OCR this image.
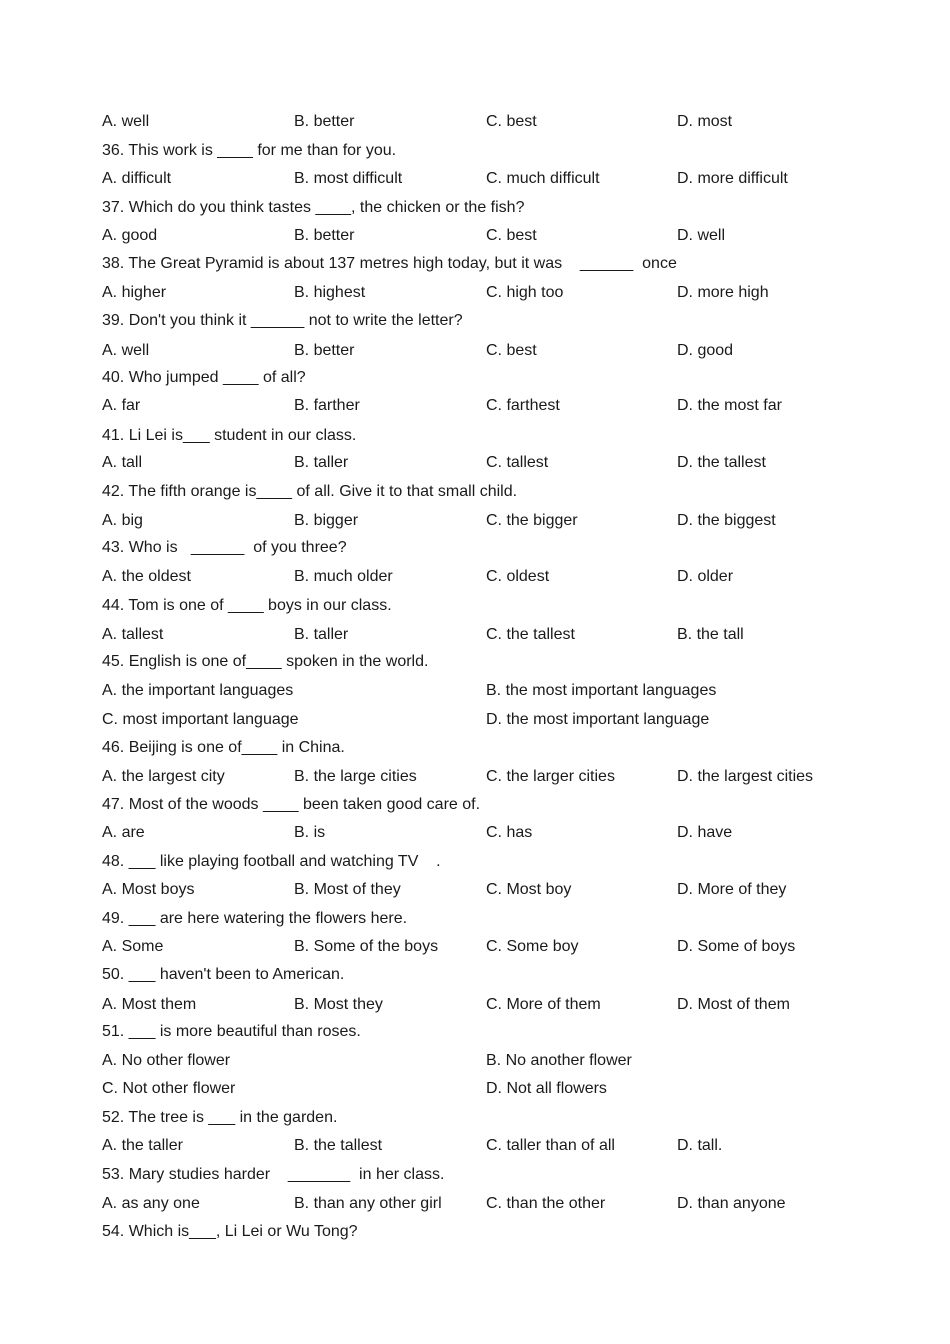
A. well	B. better	C. best	D. most
36. This work is ____ for me than for you.
A. difficult	B. most difficult	C. much difficult	D. more difficult
37. Which do you think tastes ____, the chicken or the fish?
A. good	B. better	C. best	D. well
38. The Great Pyramid is about 137 metres high today, but it was    ______  once
A. higher	B. highest	C. high too	D. more high
39. Don't you think it ______ not to write the letter?
A. well	B. better	C. best	D. good
40. Who jumped ____ of all?
A. far	B. farther	C. farthest	D. the most far
41. Li Lei is___ student in our class.
A. tall	B. taller	C. tallest	D. the tallest
42. The fifth orange is____ of all. Give it to that small child.
A. big	B. bigger	C. the bigger	D. the biggest
43. Who is   ______  of you three?
A. the oldest	B. much older	C. oldest	D. older
44. Tom is one of ____ boys in our class.
A. tallest	B. taller	C. the tallest	B. the tall
45. English is one of____ spoken in the world.
A. the important languages	B. the most important languages
C. most important language	D. the most important language
46. Beijing is one of____ in China.
A. the largest city	B. the large cities	C. the larger cities	D. the largest cities
47. Most of the woods ____ been taken good care of.
A. are	B. is	C. has	D. have
48. ___ like playing football and watching TV    .
A. Most boys	B. Most of they	C. Most boy	D. More of they
49. ___ are here watering the flowers here.
A. Some	B. Some of the boys	C. Some boy	D. Some of boys
50. ___ haven't been to American.
A. Most them	B. Most they	C. More of them	D. Most of them
51. ___ is more beautiful than roses.
A. No other flower	B. No another flower
C. Not other flower	D. Not all flowers
52. The tree is ___ in the garden.
A. the taller	B. the tallest	C. taller than of all	D. tall.
53. Mary studies harder    _______  in her class.
A. as any one	B. than any other girl	C. than the other	D. than anyone
54. Which is___, Li Lei or Wu Tong?
